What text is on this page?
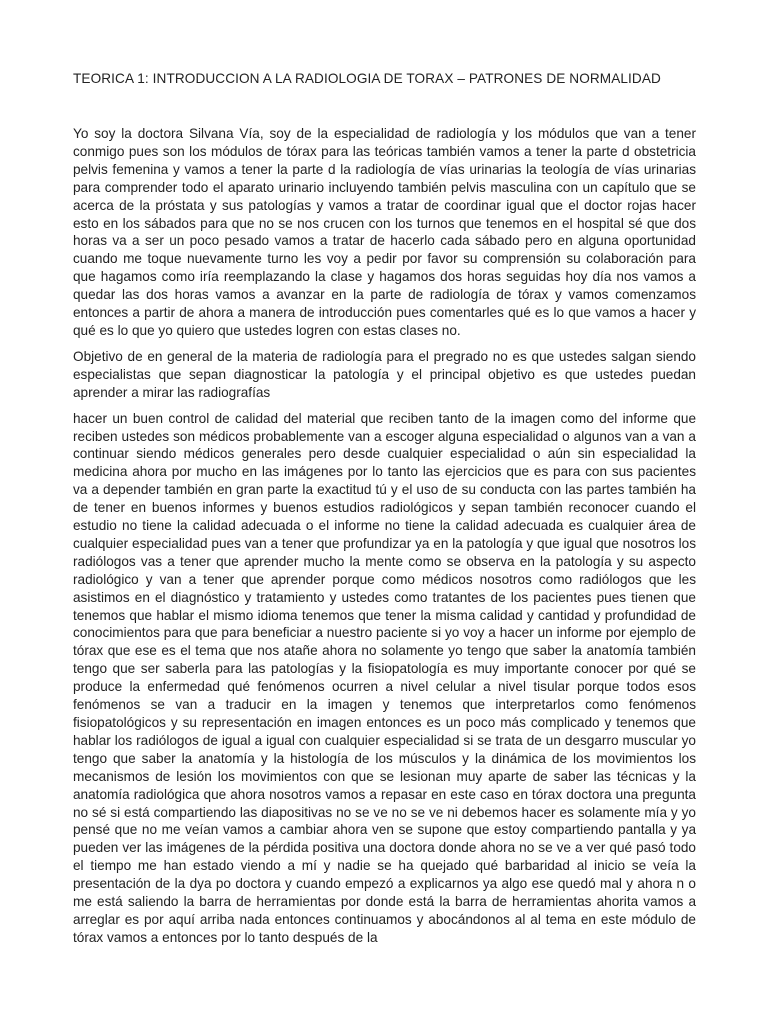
TEORICA 1: INTRODUCCION A LA RADIOLOGIA DE TORAX – PATRONES DE NORMALIDAD

Yo soy la doctora Silvana Vía, soy de la especialidad de radiología y los módulos que van a tener conmigo pues son los módulos de tórax para las teóricas también vamos a tener la parte d obstetricia pelvis femenina y vamos a tener la parte d la radiología de vías urinarias la teología de vías urinarias para comprender todo el aparato urinario incluyendo también pelvis masculina con un capítulo que se acerca de la próstata y sus patologías y vamos a tratar de coordinar igual que el doctor rojas hacer esto en los sábados para que no se nos crucen con los turnos que tenemos en el hospital sé que dos horas va a ser un poco pesado vamos a tratar de hacerlo cada sábado pero en alguna oportunidad cuando me toque nuevamente turno les voy a pedir por favor su comprensión su colaboración para que hagamos como iría reemplazando la clase y hagamos dos horas seguidas hoy día nos vamos a quedar las dos horas vamos a avanzar en la parte de radiología de tórax y vamos comenzamos entonces a partir de ahora a manera de introducción pues comentarles qué es lo que vamos a hacer y qué es lo que yo quiero que ustedes logren con estas clases no.

Objetivo de en general de la materia de radiología para el pregrado no es que ustedes salgan siendo especialistas que sepan diagnosticar la patología y el principal objetivo es que ustedes puedan aprender a mirar las radiografías

hacer un buen control de calidad del material que reciben tanto de la imagen como del informe que reciben ustedes son médicos probablemente van a escoger alguna especialidad o algunos van a van a continuar siendo médicos generales pero desde cualquier especialidad o aún sin especialidad la medicina ahora por mucho en las imágenes por lo tanto las ejercicios que es para con sus pacientes va a depender también en gran parte la exactitud tú y el uso de su conducta con las partes también ha de tener en buenos informes y buenos estudios radiológicos y sepan también reconocer cuando el estudio no tiene la calidad adecuada o el informe no tiene la calidad adecuada es cualquier área de cualquier especialidad pues van a tener que profundizar ya en la patología y que igual que nosotros los radiólogos vas a tener que aprender mucho la mente como se observa en la patología y su aspecto radiológico y van a tener que aprender porque como médicos nosotros como radiólogos que les asistimos en el diagnóstico y tratamiento y ustedes como tratantes de los pacientes pues tienen que tenemos que hablar el mismo idioma tenemos que tener la misma calidad y cantidad y profundidad de conocimientos para que para beneficiar a nuestro paciente si yo voy a hacer un informe por ejemplo de tórax que ese es el tema que nos atañe ahora no solamente yo tengo que saber la anatomía también tengo que ser saberla para las patologías y la fisiopatología es muy importante conocer por qué se produce la enfermedad qué fenómenos ocurren a nivel celular a nivel tisular porque todos esos fenómenos se van a traducir en la imagen y tenemos que interpretarlos como fenómenos fisiopatológicos y su representación en imagen entonces es un poco más complicado y tenemos que hablar los radiólogos de igual a igual con cualquier especialidad si se trata de un desgarro muscular yo tengo que saber la anatomía y la histología de los músculos y la dinámica de los movimientos los mecanismos de lesión los movimientos con que se lesionan muy aparte de saber las técnicas y la anatomía radiológica que ahora nosotros vamos a repasar en este caso en tórax doctora una pregunta no sé si está compartiendo las diapositivas no se ve no se ve ni debemos hacer es solamente mía y yo pensé que no me veían vamos a cambiar ahora ven se supone que estoy compartiendo pantalla y ya pueden ver las imágenes de la pérdida positiva una doctora donde ahora no se ve a ver qué pasó todo el tiempo me han estado viendo a mí y nadie se ha quejado qué barbaridad al inicio se veía la presentación de la dya po doctora y cuando empezó a explicarnos ya algo ese quedó mal y ahora n o me está saliendo la barra de herramientas por donde está la barra de herramientas ahorita vamos a arreglar es por aquí arriba nada entonces continuamos y abocándonos al al tema en este módulo de tórax vamos a entonces por lo tanto después de la
